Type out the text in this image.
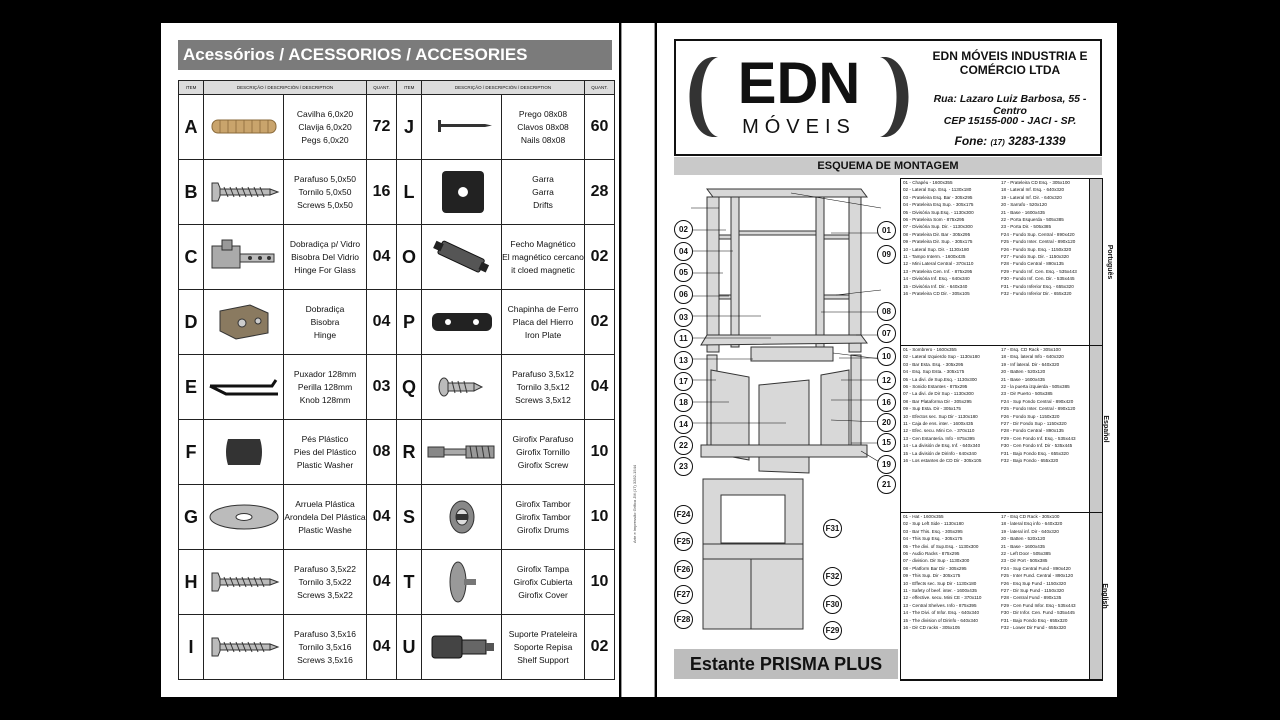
Acessórios / ACESSORIOS / ACCESORIES
ITEM	DESCRIÇÃO / DESCRIPCIÓN / DESCRIPTION		QUANT.	ITEM	DESCRIÇÃO / DESCRIPCIÓN / DESCRIPTION		QUANT.
A		Cavilha 6,0x20
Clavija 6,0x20
Pegs 6,0x20	72	J		Prego 08x08
Clavos 08x08
Nails 08x08	60
B		Parafuso 5,0x50
Tornilo 5,0x50
Screws 5,0x50	16	L		Garra
Garra
Drifts	28
C		Dobradiça p/ Vidro
Bisobra Del Vidrio
Hinge For Glass	04	O		Fecho Magnético
El magnético cercano
it cloed magnetic	02
D		Dobradiça
Bisobra
Hinge	04	P		Chapinha de Ferro
Placa del Hierro
Iron Plate	02
E		Puxador 128mm
Perilla 128mm
Knob 128mm	03	Q		Parafuso 3,5x12
Tornilo 3,5x12
Screws 3,5x12	04
F		Pés Plástico
Pies del Plástico
Plastic Washer	08	R		Girofix Parafuso
Girofix Tornillo
Girofix Screw	10
G		Arruela Plástica
Arondela Del Plástica
Plastic Washe	04	S		Girofix Tambor
Girofix Tambor
Girofix Drums	10
H		Parafuso 3,5x22
Tornilo 3,5x22
Screws 3,5x22	04	T		Girofix Tampa
Girofix Cubierta
Girofix Cover	10
I		Parafuso 3,5x16
Tornilo 3,5x16
Screws 3,5x16	04	U		Suporte Prateleira
Soporte Repisa
Shelf Support	02
Arte e Impressão Grifica JM (17) 3282-1544
EDN
MÓVEIS
EDN MÓVEIS INDUSTRIA E COMÉRCIO LTDA
Rua: Lazaro Luiz Barbosa, 55 - Centro
CEP 15155-000 - JACI - SP.
Fone: (17) 3283-1339
ESQUEMA DE MONTAGEM
02
04
05
06
03
11
13
17
18
14
22
23
01
09
08
07
10
12
16
20
15
19
21
F24
F25
F26
F27
F28
F31
F32
F30
F29
Estante PRISMA PLUS
01 - Chapéu - 1600x355
02 - Lateral Sup. Esq. - 1130x180
03 - Prateleira Esq. Bar - 305x295
04 - Prateleira Esq Sup. - 305x175
05 - Divisória Sup.Esq. - 1130x300
06 - Prateleira Som - 875x295
07 - Divisória Sup. Dir. - 1130x300
08 - Prateleira Dir. Bar - 305x295
09 - Prateleira Dir. Sup. - 305x175
10 - Lateral Sup. Dir. - 1130x180
11 - Tampo Interm. - 1600x435
12 - Mini Lateral Central - 370x110
13 - Prateleira Cen. Inf. - 875x295
14 - Divisória Inf. Esq. - 640x340
15 - Divisória Inf. Dir. - 640x340
16 - Prateleira CD Dir. - 305x105
17 - Prateleira CD Esq. - 305x100
18 - Lateral Inf. Esq. - 640x320
19 - Lateral Inf. Dir. - 640x320
20 - Sarrafo - 520x120
21 - Base - 1600x435
22 - Porta Esquerda - 505x385
23 - Porta Dir. - 505x385
F24 - Fundo Sup. Central - 890x420
F25 - Fundo Inter. Central - 890x120
F26 - Fundo Sup. Esq. - 1150x320
F27 - Fundo Sup. Dir. - 1150x320
F28 - Fundo Central - 890x135
F29 - Fundo Inf. Cen. Esq. - 535x443
F30 - Fundo Inf. Cen. Dir. - 535x445
F31 - Fundo Inferior Esq. - 655x320
F32 - Fundo Inferior Dir. - 655x320
Português
01 - Sombrero - 1600x355
02 - Lateral Izquierdo Sup - 1130x180
03 - Bar Esta. Esq. - 305x295
04 - Esq. Sup Esta. - 305x175
05 - La divi. de Sup.Esq. - 1130x300
06 - Sonido Estantes - 875x295
07 - La divi. de Dir Sup - 1130x300
08 - Bar Plataforma Dir - 305x295
09 - Sup Esta. Dir - 305x175
10 - Efectos sec. Sup Dir - 1130x180
11 - Caja de ens. inter. - 1600x435
12 - Efec. secu. Mini Ce. - 370x110
13 - Cen Estantería. Info - 875x395
14 - La división de Esq. Inf. - 640x340
15 - La división de Dirinfo - 640x340
16 - Los estantes de CD Dir - 305x105
17 - Esq. CD Rack - 305x100
18 - Esq. lateral Info - 640x320
19 - Inf lateral. Dir - 640x320
20 - Batten - 520x120
21 - Base - 1600x435
22 - la puerta izquierda - 505x385
23 - Dir Puerto - 505x385
F24 - Sup Fondo Central - 890x420
F25 - Fondo Inter. Central - 890x120
F26 - Fondo Sup - 1150x320
F27 - Dir Fondo Sup - 1150x320
F28 - Fondo Central - 890x135
F29 - Cen Fondo Inf. Esq. - 535x443
F30 - Cen Fondo Inf. Dir - 535x445
F31 - Bajo Fondo Esq. - 655x320
F32 - Bajo Fondo - 655x320
Español
01 - Hat - 1600x355
02 - Sup Left Side - 1130x180
03 - Bar This. Esq. - 305x295
04 - This Sup Esq. - 305x175
05 - The divi. of Sup.Esq. - 1130x300
06 - Audio Racks - 875x295
07 - division. Dir Sup - 1130x300
08 - Platform Bar Dir - 305x295
09 - This Sup. Dir - 305x175
10 - Effects sec. Sup Dir - 1130x180
11 - Safety of beef. inter. - 1600x435
12 - effective. secu. Mini CE - 370x110
13 - Central Shelves. Info - 875x395
14 - The Divi. of Infor. Esq. - 640x340
15 - The division of Dirinfo - 640x340
16 - Dir CD racks - 305x105
17 - Esq CD Rack - 305x100
18 - lateral Esq info - 640x320
19 - lateral inf. Dir - 640x320
20 - Batten - 520x120
21 - Base - 1600x435
22 - Left Door - 505x385
23 - Dir Port - 505x385
F24 - Sup Central Fund - 890x420
F25 - Inter Fund. Central - 890x120
F26 - Esq Sup Fund - 1150x320
F27 - Dir Sup Fund - 1150x320
F28 - Central Fund - 890x135
F29 - Cen Fund Infor. Esq - 535x443
F30 - Dir Infor. Cen. Fund - 535x445
F31 - Bajo Fondo Esq - 655x320
F32 - Lower Dir Fund - 655x320
English
